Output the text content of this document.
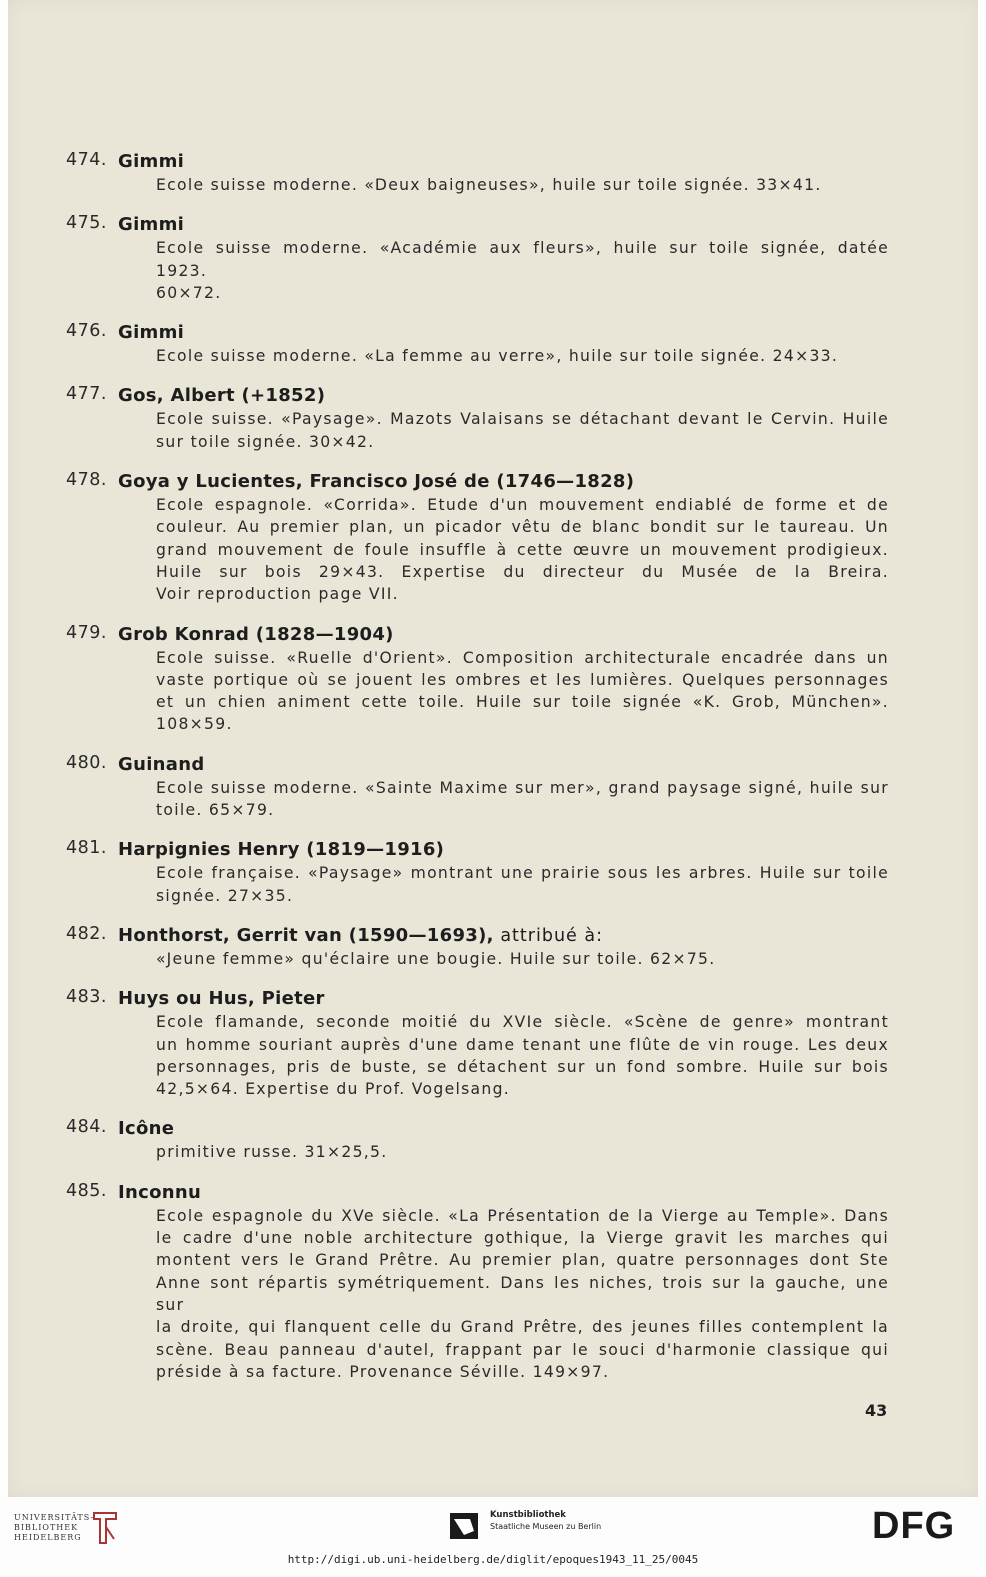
474. Gimmi
Ecole suisse moderne. «Deux baigneuses», huile sur toile signée. 33×41.
475. Gimmi
Ecole suisse moderne. «Académie aux fleurs», huile sur toile signée, datée 1923.
60×72.
476. Gimmi
Ecole suisse moderne. «La femme au verre», huile sur toile signée. 24×33.
477. Gos, Albert (+1852)
Ecole suisse. «Paysage». Mazots Valaisans se détachant devant le Cervin. Huile
sur toile signée. 30×42.
478. Goya y Lucientes, Francisco José de (1746—1828)
Ecole espagnole. «Corrida». Etude d'un mouvement endiablé de forme et de
couleur. Au premier plan, un picador vêtu de blanc bondit sur le taureau. Un
grand mouvement de foule insuffle à cette œuvre un mouvement prodigieux.
Huile sur bois 29×43. Expertise du directeur du Musée de la Breira.
Voir reproduction page VII.
479. Grob Konrad (1828—1904)
Ecole suisse. «Ruelle d'Orient». Composition architecturale encadrée dans un
vaste portique où se jouent les ombres et les lumières. Quelques personnages
et un chien animent cette toile. Huile sur toile signée «K. Grob, München».
108×59.
480. Guinand
Ecole suisse moderne. «Sainte Maxime sur mer», grand paysage signé, huile sur
toile. 65×79.
481. Harpignies Henry (1819—1916)
Ecole française. «Paysage» montrant une prairie sous les arbres. Huile sur toile
signée. 27×35.
482. Honthorst, Gerrit van (1590—1693), attribué à:
«Jeune femme» qu'éclaire une bougie. Huile sur toile. 62×75.
483. Huys ou Hus, Pieter
Ecole flamande, seconde moitié du XVIe siècle. «Scène de genre» montrant
un homme souriant auprès d'une dame tenant une flûte de vin rouge. Les deux
personnages, pris de buste, se détachent sur un fond sombre. Huile sur bois
42,5×64. Expertise du Prof. Vogelsang.
484. Icône
primitive russe. 31×25,5.
485. Inconnu
Ecole espagnole du XVe siècle. «La Présentation de la Vierge au Temple». Dans
le cadre d'une noble architecture gothique, la Vierge gravit les marches qui
montent vers le Grand Prêtre. Au premier plan, quatre personnages dont Ste
Anne sont répartis symétriquement. Dans les niches, trois sur la gauche, une sur
la droite, qui flanquent celle du Grand Prêtre, des jeunes filles contemplent la
scène. Beau panneau d'autel, frappant par le souci d'harmonie classique qui
préside à sa facture. Provenance Séville. 149×97.
43
UNIVERSITÄTS-
BIBLIOTHEK
HEIDELBERG
Kunstbibliothek
Staatliche Museen zu Berlin	DFG
http://digi.ub.uni-heidelberg.de/diglit/epoques1943_11_25/0045
